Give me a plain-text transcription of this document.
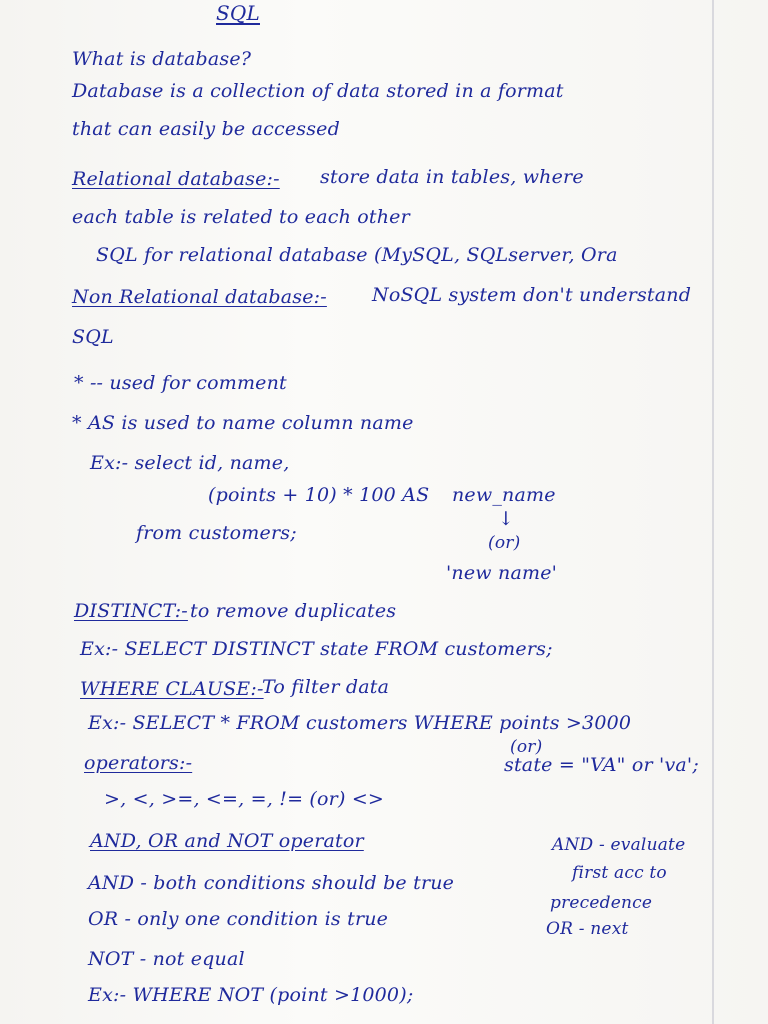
SQL
What is database?
Database is a collection of data stored in a format
that can easily be accessed
Relational database:- store data in tables, where
each table is related to each other
SQL for relational database (MySQL, SQLserver, Ora
Non Relational database:- NoSQL system don't understand
SQL
* -- used for comment
* AS is used to name column name
Ex:- select id, name,
(points + 10) * 100 AS new_name
↓
from customers;	(or)
'new name'
DISTINCT:- to remove duplicates
Ex:- SELECT DISTINCT state FROM customers;
WHERE CLAUSE:-
To filter data
Ex:- SELECT * FROM customers WHERE points >3000
(or)
operators:-	state = "VA" or 'va';
>, <, >=, <=, =, != (or) <>
AND, OR and NOT operator
AND - both conditions should be true
OR - only one condition is true
NOT - not equal
Ex:- WHERE NOT (point >1000);
AND - evaluate
first acc to
precedence
OR - next
